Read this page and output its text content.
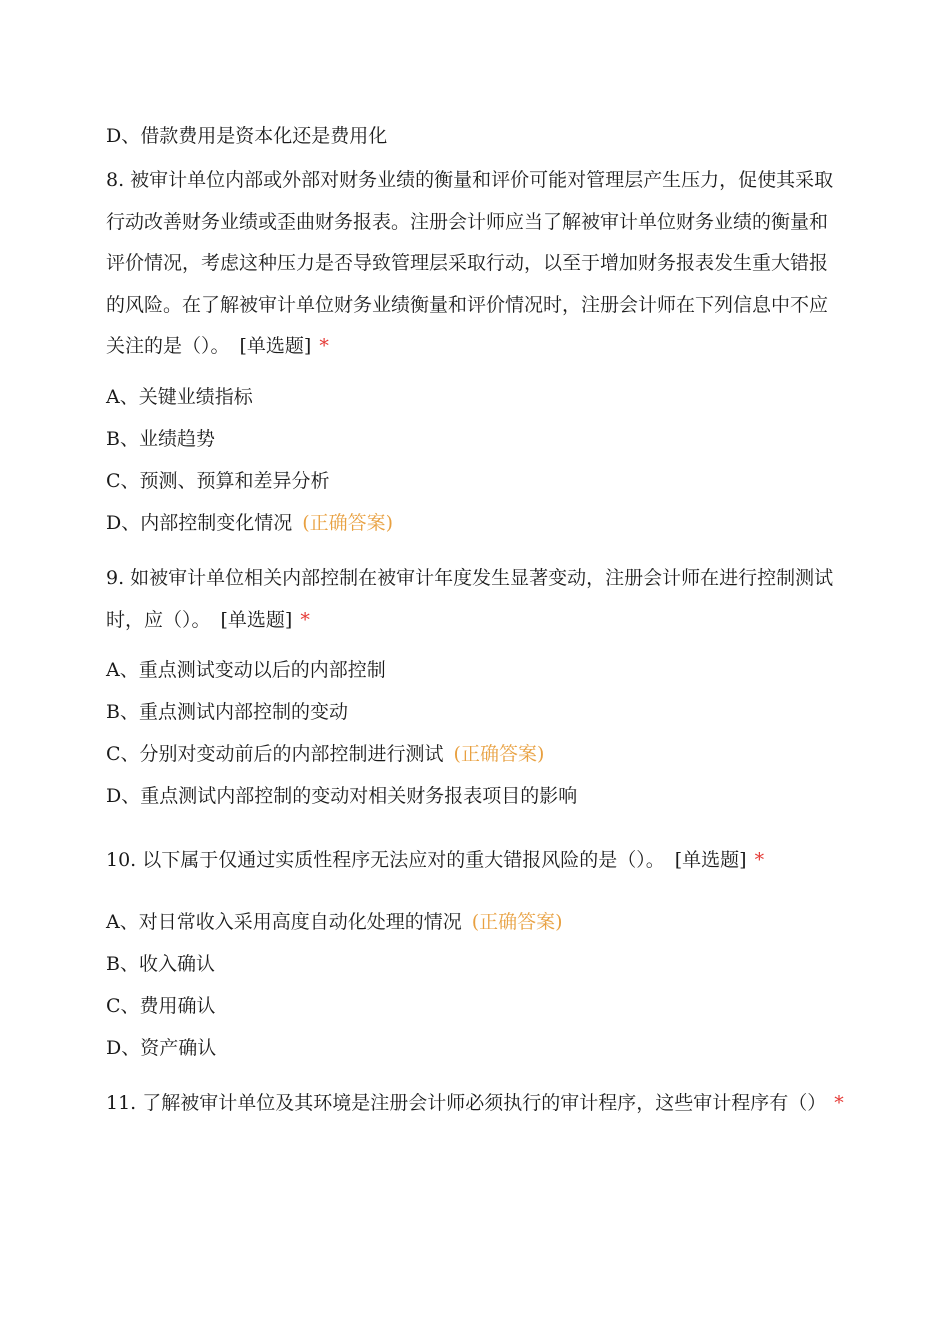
D、借款费用是资本化还是费用化
8. 被审计单位内部或外部对财务业绩的衡量和评价可能对管理层产生压力，促使其采取行动改善财务业绩或歪曲财务报表。注册会计师应当了解被审计单位财务业绩的衡量和评价情况，考虑这种压力是否导致管理层采取行动，以至于增加财务报表发生重大错报的风险。在了解被审计单位财务业绩衡量和评价情况时，注册会计师在下列信息中不应关注的是（）。 [单选题] *
A、关键业绩指标
B、业绩趋势
C、预测、预算和差异分析
D、内部控制变化情况 (正确答案)
9. 如被审计单位相关内部控制在被审计年度发生显著变动，注册会计师在进行控制测试时，应（）。 [单选题] *
A、重点测试变动以后的内部控制
B、重点测试内部控制的变动
C、分别对变动前后的内部控制进行测试 (正确答案)
D、重点测试内部控制的变动对相关财务报表项目的影响
10. 以下属于仅通过实质性程序无法应对的重大错报风险的是（）。 [单选题] *
A、对日常收入采用高度自动化处理的情况 (正确答案)
B、收入确认
C、费用确认
D、资产确认
11. 了解被审计单位及其环境是注册会计师必须执行的审计程序，这些审计程序有（） *
